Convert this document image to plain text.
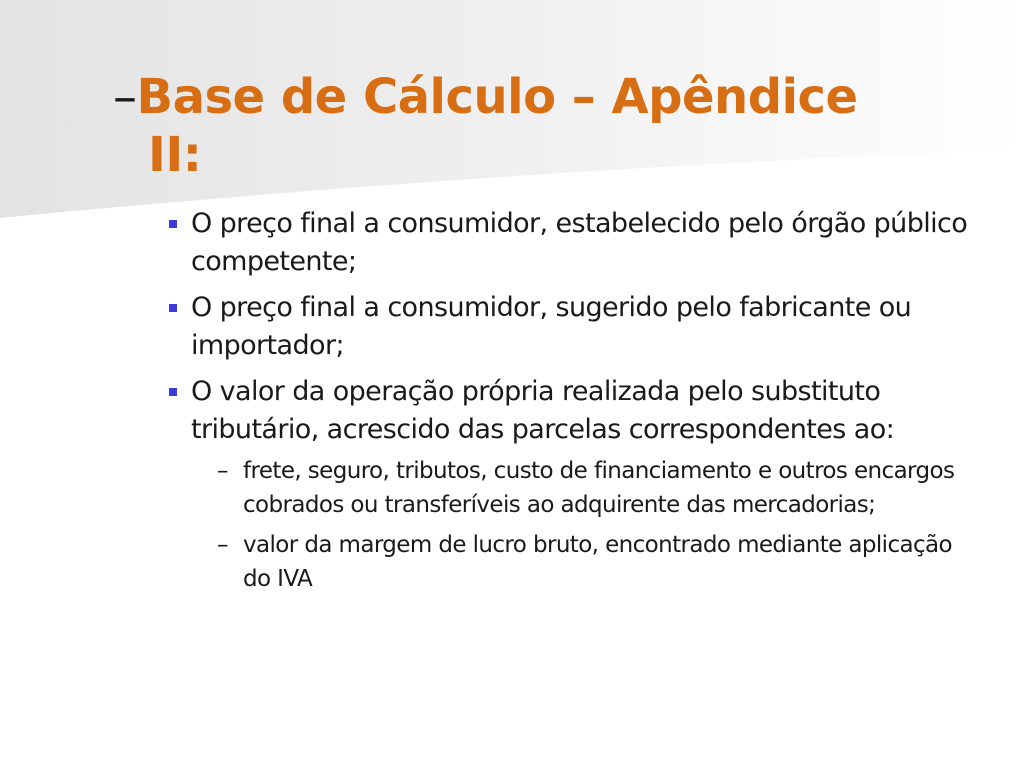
–Base de Cálculo – Apêndice
II:
O preço final a consumidor, estabelecido pelo órgão público competente;
O preço final a consumidor, sugerido pelo fabricante ou importador;
O valor da operação própria realizada pelo substituto tributário, acrescido das parcelas correspondentes ao:
– frete, seguro, tributos, custo de financiamento e outros encargos cobrados ou transferíveis ao adquirente das mercadorias;
– valor da margem de lucro bruto, encontrado mediante aplicação do IVA
